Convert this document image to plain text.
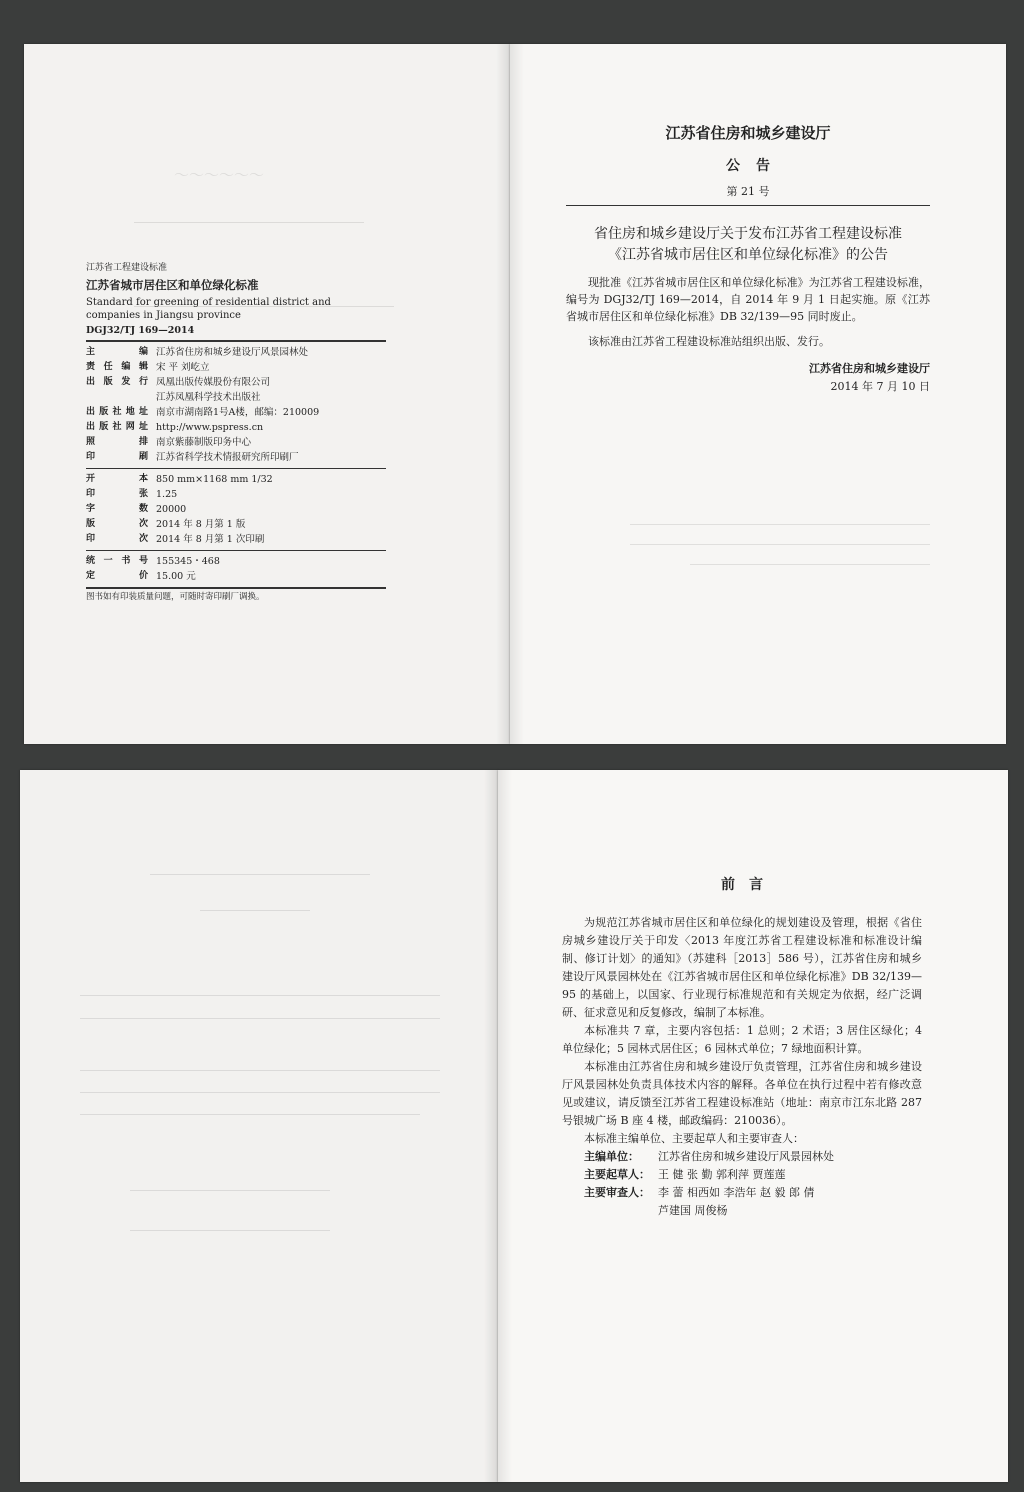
〜〜〜〜〜〜
江苏省工程建设标准
江苏省城市居住区和单位绿化标准
Standard for greening of residential district and companies in Jiangsu province
DGJ32/TJ 169—2014
主编 江苏省住房和城乡建设厅风景园林处
责任编辑 宋 平 刘屹立
出版发行 凤凰出版传媒股份有限公司
江苏凤凰科学技术出版社
出版社地址 南京市湖南路1号A楼，邮编：210009
出版社网址 http://www.pspress.cn
照排 南京紫藤制版印务中心
印刷 江苏省科学技术情报研究所印刷厂
开本 850 mm×1168 mm 1/32
印张 1.25
字数 20000
版次 2014 年 8 月第 1 版
印次 2014 年 8 月第 1 次印刷
统一书号 155345・468
定价 15.00 元
图书如有印装质量问题，可随时寄印刷厂调换。
江苏省住房和城乡建设厅
公告
第 21 号
省住房和城乡建设厅关于发布江苏省工程建设标准
《江苏省城市居住区和单位绿化标准》的公告
现批准《江苏省城市居住区和单位绿化标准》为江苏省工程建设标准，编号为 DGJ32/TJ 169—2014，自 2014 年 9 月 1 日起实施。原《江苏省城市居住区和单位绿化标准》DB 32/139—95 同时废止。
该标准由江苏省工程建设标准站组织出版、发行。
江苏省住房和城乡建设厅
2014 年 7 月 10 日
前言
为规范江苏省城市居住区和单位绿化的规划建设及管理，根据《省住房城乡建设厅关于印发〈2013 年度江苏省工程建设标准和标准设计编制、修订计划〉的通知》（苏建科［2013］586 号），江苏省住房和城乡建设厅风景园林处在《江苏省城市居住区和单位绿化标准》DB 32/139—95 的基础上，以国家、行业现行标准规范和有关规定为依据，经广泛调研、征求意见和反复修改，编制了本标准。
本标准共 7 章，主要内容包括：1 总则；2 术语；3 居住区绿化；4 单位绿化；5 园林式居住区；6 园林式单位；7 绿地面积计算。
本标准由江苏省住房和城乡建设厅负责管理，江苏省住房和城乡建设厅风景园林处负责具体技术内容的解释。各单位在执行过程中若有修改意见或建议，请反馈至江苏省工程建设标准站（地址：南京市江东北路 287 号银城广场 B 座 4 楼，邮政编码：210036）。
本标准主编单位、主要起草人和主要审查人：
主编单位：	江苏省住房和城乡建设厅风景园林处
主要起草人： 王 健 张 勤 郭利萍 贾莲莲
主要审查人： 李 蕾 相西如 李浩年 赵 毅 郎 倩
芦建国 周俊杨
